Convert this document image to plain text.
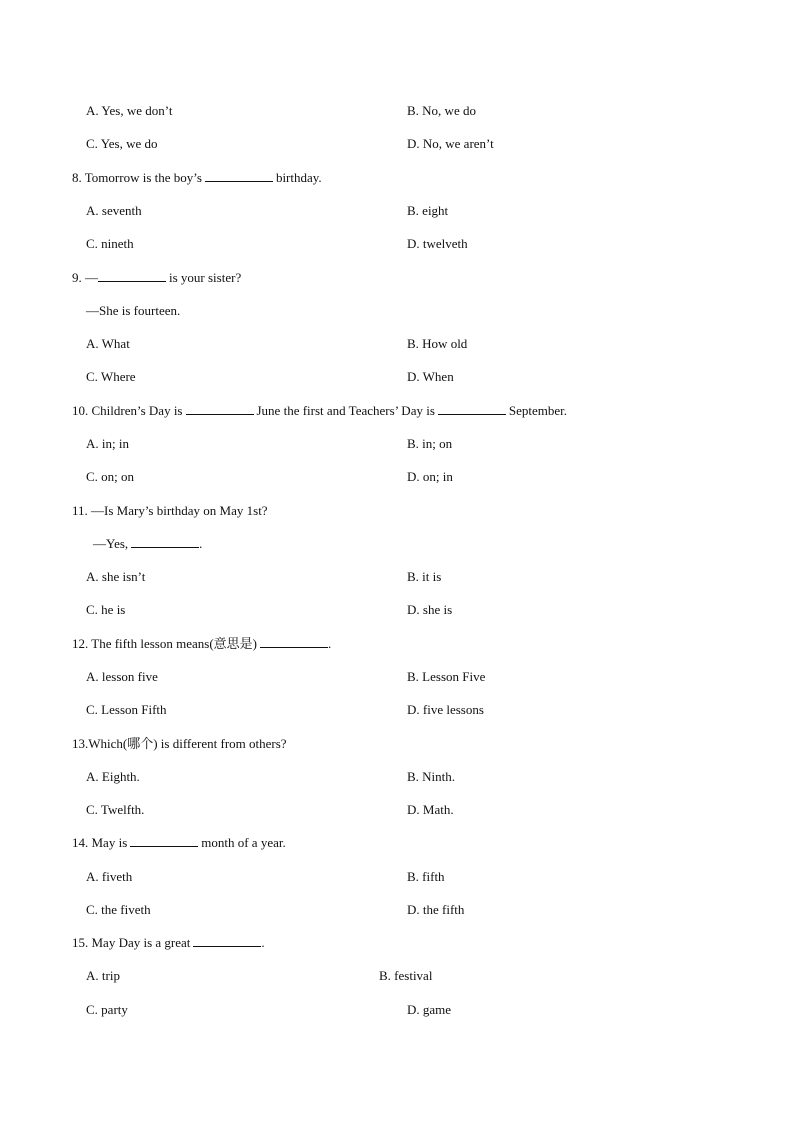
A. Yes, we don’t	B. No, we do
C. Yes, we do	D. No, we aren’t
8. Tomorrow is the boy’s	birthday.
A. seventh	B. eight
C. nineth	D. twelveth
9. —	is your sister?
—She is fourteen.
A. What	B. How old
C. Where	D. When
10. Children’s Day is	June the first and Teachers’ Day is	September.
A. in; in	B. in; on
C. on; on	D. on; in
11. —Is Mary’s birthday on May 1st?
—Yes,	.
A. she isn’t	B. it is
C. he is	D. she is
12. The fifth lesson means(意思是)	.
A. lesson five	B. Lesson Five
C. Lesson Fifth	D. five lessons
13.Which(哪个) is different from others?
A. Eighth.	B. Ninth.
C. Twelfth.	D. Math.
14. May is	month of a year.
A. fiveth	B. fifth
C. the fiveth	D. the fifth
15. May Day is a great	.
A. trip	B. festival
C. party	D. game
